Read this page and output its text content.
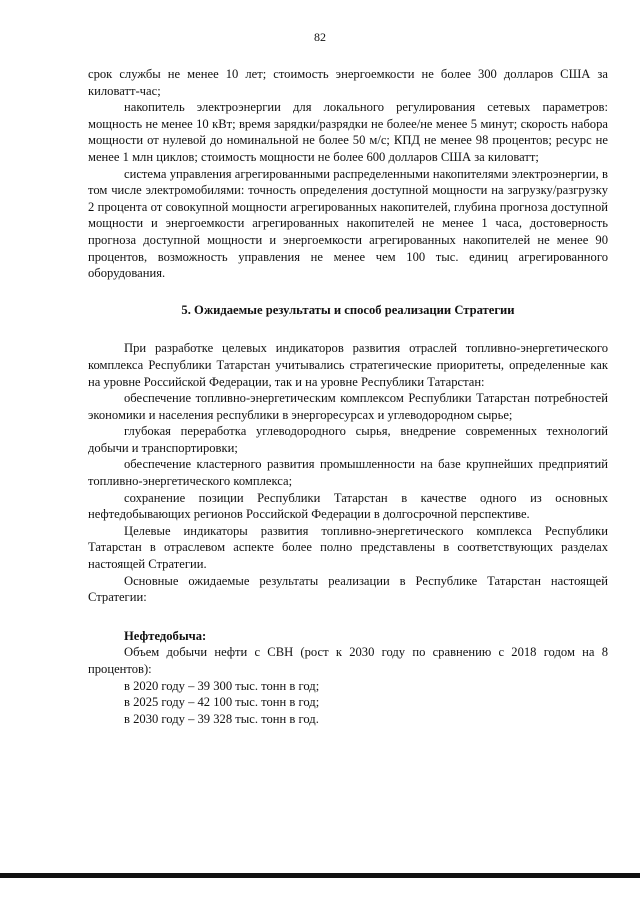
82

срок службы не менее 10 лет; стоимость энергоемкости не более 300 долларов США за киловатт-час;

накопитель электроэнергии для локального регулирования сетевых параметров: мощность не менее 10 кВт; время зарядки/разрядки не более/не менее 5 минут; скорость набора мощности от нулевой до номинальной не более 50 м/с; КПД не менее 98 процентов; ресурс не менее 1 млн циклов; стоимость мощности не более 600 долларов США за киловатт;

система управления агрегированными распределенными накопителями электроэнергии, в том числе электромобилями: точность определения доступной мощности на загрузку/разгрузку 2 процента от совокупной мощности агрегированных накопителей, глубина прогноза доступной мощности и энергоемкости агрегированных накопителей не менее 1 часа, достоверность прогноза доступной мощности и энергоемкости агрегированных накопителей не менее 90 процентов, возможность управления не менее чем 100 тыс. единиц агрегированного оборудования.

5. Ожидаемые результаты и способ реализации Стратегии

При разработке целевых индикаторов развития отраслей топливно-энергетического комплекса Республики Татарстан учитывались стратегические приоритеты, определенные как на уровне Российской Федерации, так и на уровне Республики Татарстан:

обеспечение топливно-энергетическим комплексом Республики Татарстан потребностей экономики и населения республики в энергоресурсах и углеводородном сырье;

глубокая переработка углеводородного сырья, внедрение современных технологий добычи и транспортировки;

обеспечение кластерного развития промышленности на базе крупнейших предприятий топливно-энергетического комплекса;

сохранение позиции Республики Татарстан в качестве одного из основных нефтедобывающих регионов Российской Федерации в долгосрочной перспективе.

Целевые индикаторы развития топливно-энергетического комплекса Республики Татарстан в отраслевом аспекте более полно представлены в соответствующих разделах настоящей Стратегии.

Основные ожидаемые результаты реализации в Республике Татарстан настоящей Стратегии:

Нефтедобыча:

Объем добычи нефти с СВН (рост к 2030 году по сравнению с 2018 годом на 8 процентов):

в 2020 году – 39 300 тыс. тонн в год;

в 2025 году – 42 100 тыс. тонн в год;

в 2030 году – 39 328 тыс. тонн в год.
